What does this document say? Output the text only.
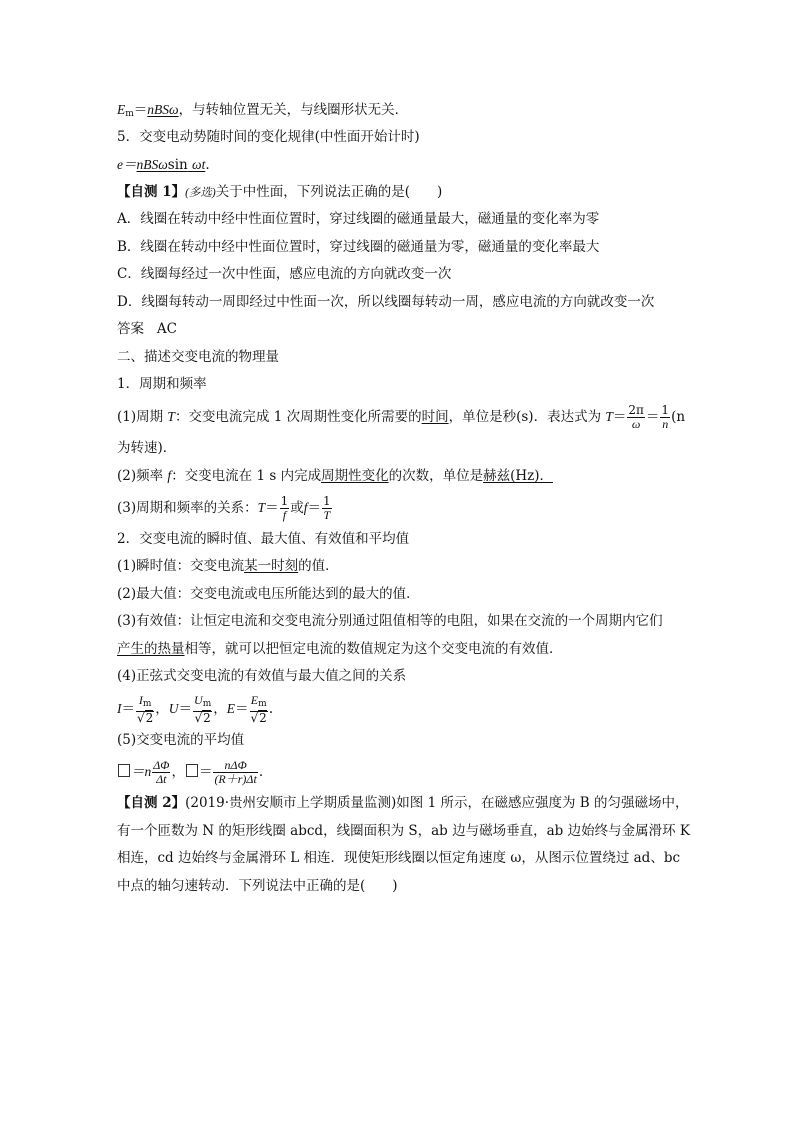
$E_m=nBS\omega$，与转轴位置无关，与线圈形状无关．
5．交变电动势随时间的变化规律(中性面开始计时)
e＝nBSωsin ωt.
【自测 1】(多选)关于中性面，下列说法正确的是(　　)
A．线圈在转动中经中性面位置时，穿过线圈的磁通量最大，磁通量的变化率为零
B．线圈在转动中经中性面位置时，穿过线圈的磁通量为零，磁通量的变化率最大
C．线圈每经过一次中性面，感应电流的方向就改变一次
D．线圈每转动一周即经过中性面一次，所以线圈每转动一周，感应电流的方向就改变一次
答案 AC
二、描述交变电流的物理量
1．周期和频率
(1)周期 T：交变电流完成 1 次周期性变化所需要的时间，单位是秒(s)．表达式为 $T= \frac{2\pi}{\omega} = \frac{1}{n} (n$
为转速)．
(2)频率 f：交变电流在 1 s 内完成周期性变化的次数，单位是赫兹(Hz)．
(3)周期和频率的关系：$T= \frac{1}{f}$ 或$f= \frac{1}{T}$
2．交变电流的瞬时值、最大值、有效值和平均值
(1)瞬时值：交变电流某一时刻的值．
(2)最大值：交变电流或电压所能达到的最大的值．
(3)有效值：让恒定电流和交变电流分别通过阻值相等的电阻，如果在交流的一个周期内它们
产生的热量相等，就可以把恒定电流的数值规定为这个交变电流的有效值．
(4)正弦式交变电流的有效值与最大值之间的关系
$I= \frac{I_m}{√2}$ ，$U= \frac{U_m}{√2}$ ，$E= \frac{E_m}{√2}$ .
(5)交变电流的平均值
$=n \frac{\Delta\Phi}{\Delta t}$ ， ＝ $\frac{\text{nΔΦ}}{(R+r)\Delta t}$ .
【自测 2】(2019·贵州安顺市上学期质量监测)如图 1 所示，在磁感应强度为 B 的匀强磁场中，
有一个匝数为 N 的矩形线圈 abcd，线圈面积为 S，ab 边与磁场垂直，ab 边始终与金属滑环 K
相连，cd 边始终与金属滑环 L 相连．现使矩形线圈以恒定角速度 ω，从图示位置绕过 ad、bc
中点的轴匀速转动．下列说法中正确的是(　　)
